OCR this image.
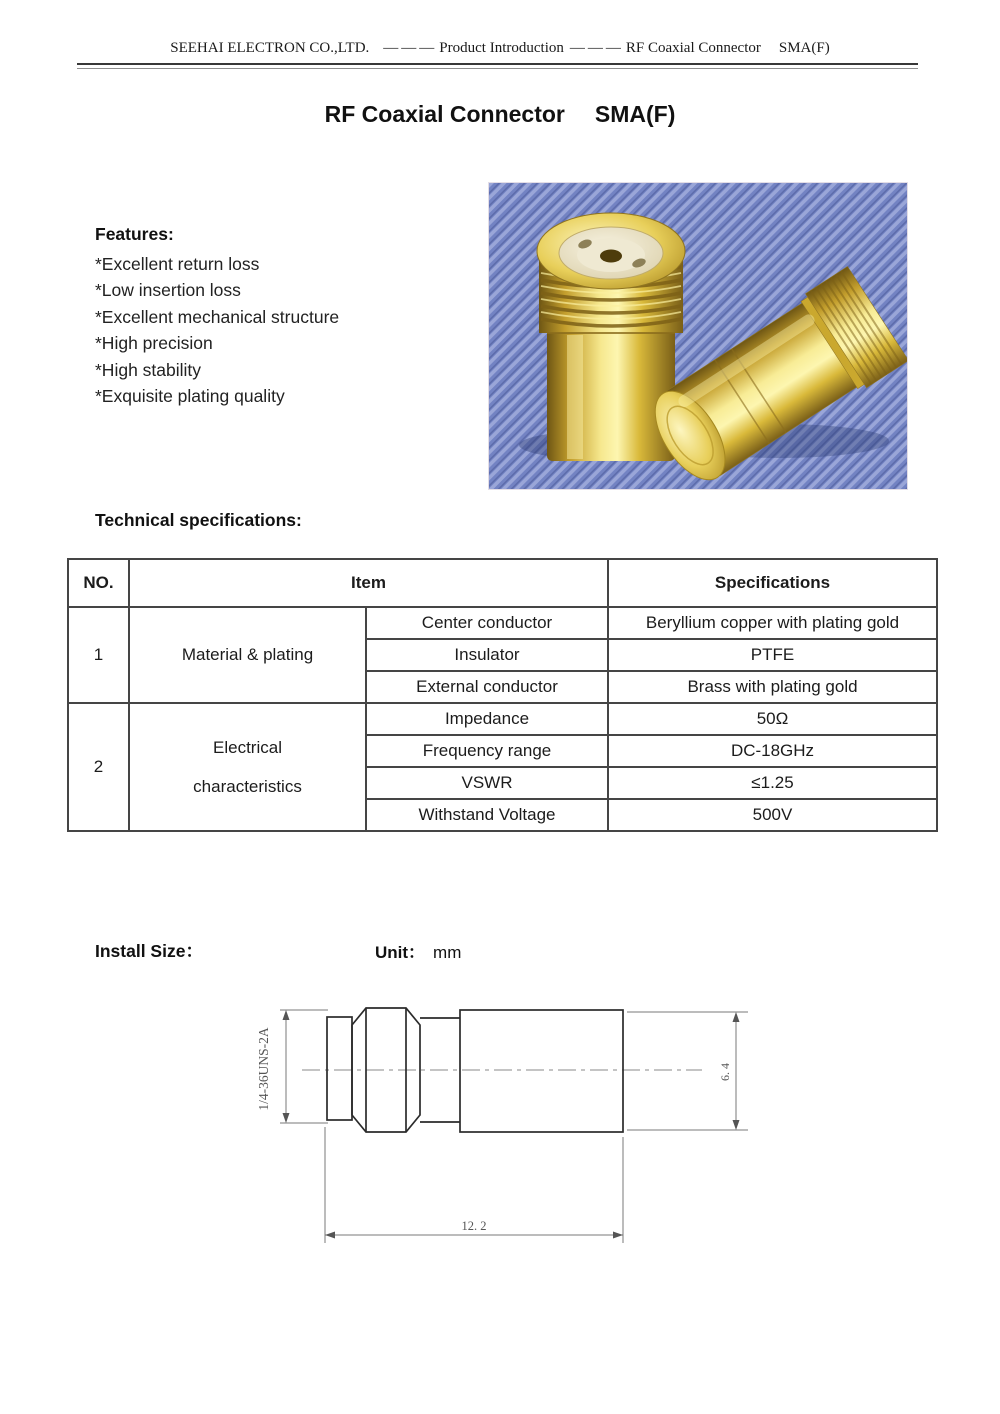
SEEHAI ELECTRON CO.,LTD. ——— Product Introduction ——— RF Coaxial Connector SMA(F)
RF Coaxial Connector SMA(F)
Features:
*Excellent return loss
*Low insertion loss
*Excellent mechanical structure
*High precision
*High stability
*Exquisite plating quality
Technical specifications:
NO.	Item		Specifications
1	Material & plating	Center conductor	Beryllium copper with plating gold
		Insulator	PTFE
		External conductor	Brass with plating gold
2	Electrical characteristics	Impedance	50Ω
		Frequency range	DC-18GHz
		VSWR	≤1.25
		Withstand Voltage	500V
Install Size：	Unit： mm
1/4-36UNS-2A	6. 4
12. 2
